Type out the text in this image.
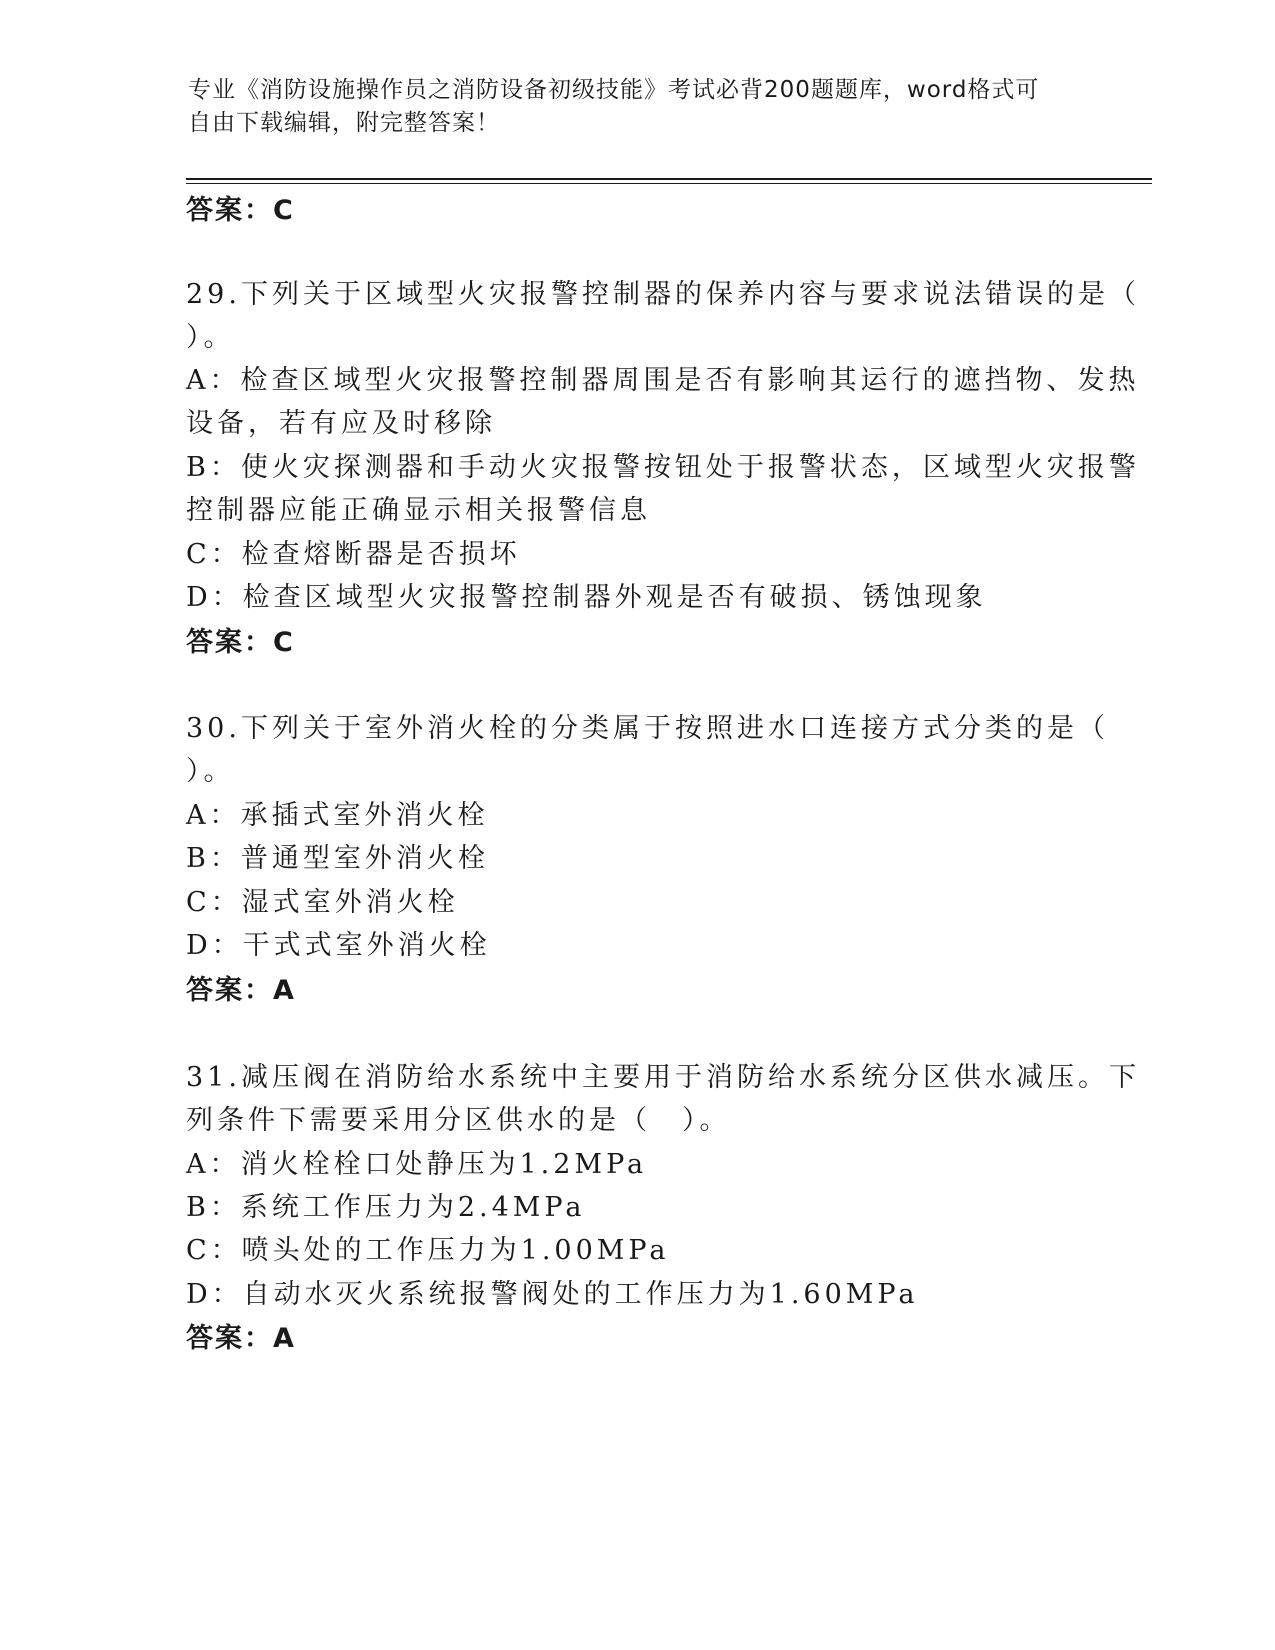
专业《消防设施操作员之消防设备初级技能》考试必背200题题库，word格式可
自由下载编辑，附完整答案！

答案：C

29.下列关于区域型火灾报警控制器的保养内容与要求说法错误的是（

）。

A：检查区域型火灾报警控制器周围是否有影响其运行的遮挡物、发热

设备，若有应及时移除

B：使火灾探测器和手动火灾报警按钮处于报警状态，区域型火灾报警

控制器应能正确显示相关报警信息

C：检查熔断器是否损坏

D：检查区域型火灾报警控制器外观是否有破损、锈蚀现象

答案：C

30.下列关于室外消火栓的分类属于按照进水口连接方式分类的是（

）。

A：承插式室外消火栓

B：普通型室外消火栓

C：湿式室外消火栓

D：干式式室外消火栓

答案：A

31.减压阀在消防给水系统中主要用于消防给水系统分区供水减压。下

列条件下需要采用分区供水的是（　）。

A：消火栓栓口处静压为1.2MPa

B：系统工作压力为2.4MPa

C：喷头处的工作压力为1.00MPa

D：自动水灭火系统报警阀处的工作压力为1.60MPa

答案：A
